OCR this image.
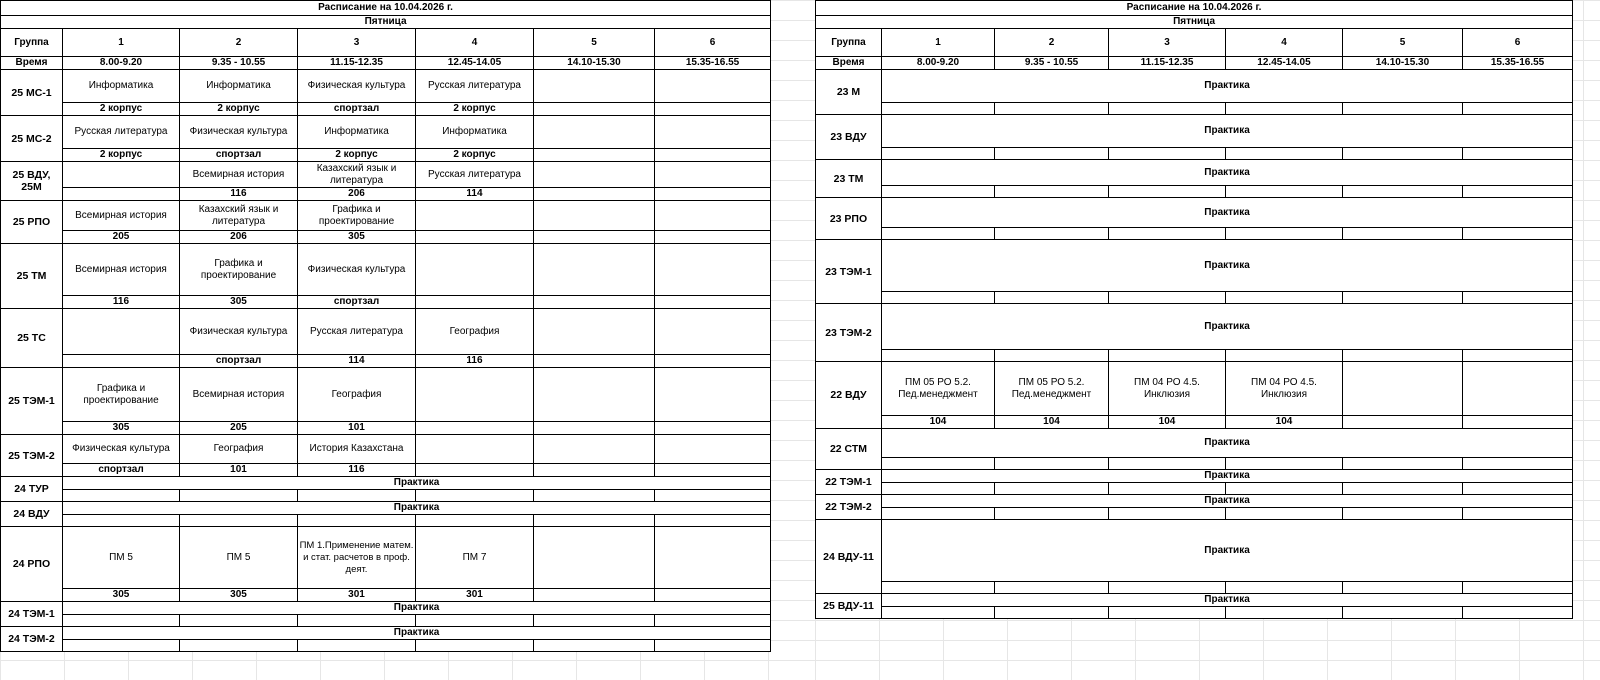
Расписание на 10.04.2026 г.						
Пятница						
Группа	1	2	3	4	5	6
Время	8.00-9.20	9.35 - 10.55	11.15-12.35	12.45-14.05	14.10-15.30	15.35-16.55
25 МС-1	Информатика	Информатика	Физическая культура	Русская литература		
	2 корпус	2 корпус	спортзал	2 корпус		
25 МС-2	Русская литература	Физическая культура	Информатика	Информатика		
	2 корпус	спортзал	2 корпус	2 корпус		
25 ВДУ, 25М		Всемирная история	Казахский язык и литература	Русская литература		
		116	206	114		
25 РПО	Всемирная история	Казахский язык и литература	Графика и проектирование			
	205	206	305			
25 ТМ	Всемирная история	Графика и проектирование	Физическая культура			
	116	305	спортзал			
25 ТС		Физическая культура	Русская литература	География		
		спортзал	114	116		
25 ТЭМ-1	Графика и проектирование	Всемирная история	География			
	305	205	101			
25 ТЭМ-2	Физическая культура	География	История Казахстана			
	спортзал	101	116			
24 ТУР	Практика					

24 ВДУ	Практика					

24 РПО	ПМ 5	ПМ 5	ПМ 1.Применение матем. и стат. расчетов в проф. деят.	ПМ 7		
	305	305	301	301		
24 ТЭМ-1	Практика					

24 ТЭМ-2	Практика					

Расписание на 10.04.2026 г.						
Пятница						
Группа	1	2	3	4	5	6
Время	8.00-9.20	9.35 - 10.55	11.15-12.35	12.45-14.05	14.10-15.30	15.35-16.55
23 М	Практика					

23 ВДУ	Практика					

23 ТМ	Практика					

23 РПО	Практика					

23 ТЭМ-1	Практика					

23 ТЭМ-2	Практика					

22 ВДУ	ПМ 05 РО 5.2. Пед.менеджмент	ПМ 05 РО 5.2. Пед.менеджмент	ПМ 04 РО 4.5. Инклюзия	ПМ 04 РО 4.5. Инклюзия		
	104	104	104	104		
22 СТМ	Практика					

22 ТЭМ-1	Практика					

22 ТЭМ-2	Практика					

24 ВДУ-11	Практика					

25 ВДУ-11	Практика					
